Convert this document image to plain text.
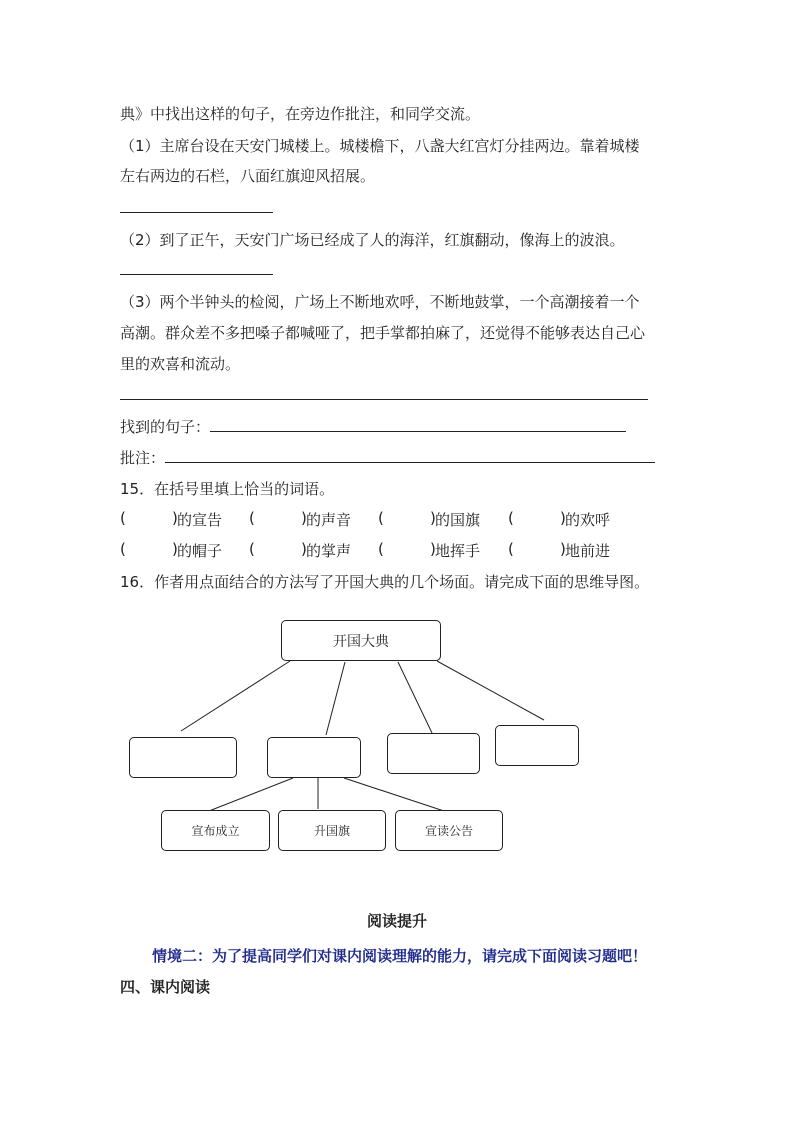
典》中找出这样的句子，在旁边作批注，和同学交流。
（1）主席台设在天安门城楼上。城楼檐下，八盏大红宫灯分挂两边。靠着城楼
左右两边的石栏，八面红旗迎风招展。
（2）到了正午，天安门广场已经成了人的海洋，红旗翻动，像海上的波浪。
（3）两个半钟头的检阅，广场上不断地欢呼，不断地鼓掌，一个高潮接着一个
高潮。群众差不多把嗓子都喊哑了，把手掌都拍麻了，还觉得不能够表达自己心
里的欢喜和流动。
找到的句子：
批注：
15．在括号里填上恰当的词语。
(	) 的宣告 (	) 的声音 (	) 的国旗 (	) 的欢呼
(	) 的帽子 (	) 的掌声 (	) 地挥手 (	) 地前进
16．作者用点面结合的方法写了开国大典的几个场面。请完成下面的思维导图。
开国大典
宣布成立	升国旗	宣读公告
阅读提升
情境二：为了提高同学们对课内阅读理解的能力，请完成下面阅读习题吧！
四、课内阅读
